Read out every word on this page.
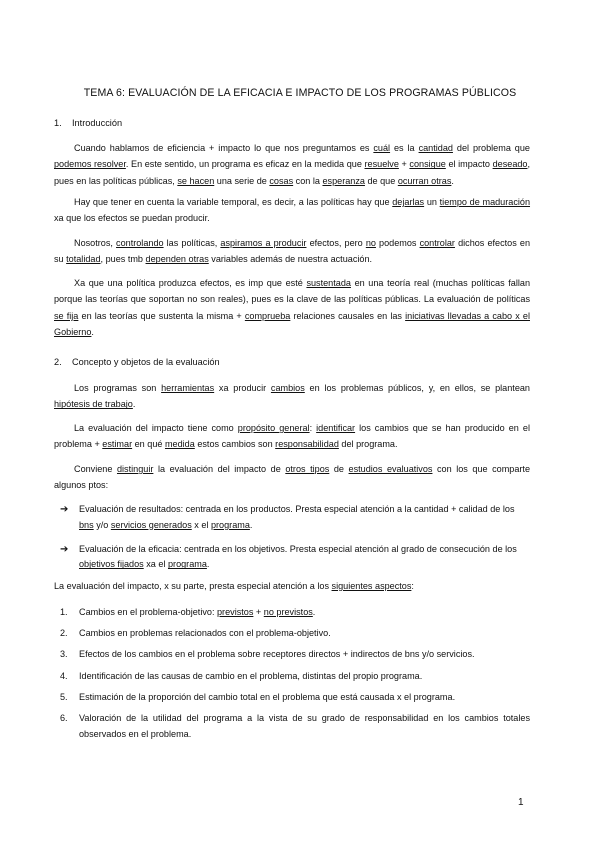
TEMA 6: EVALUACIÓN DE LA EFICACIA E IMPACTO DE LOS PROGRAMAS PÚBLICOS
1. Introducción
Cuando hablamos de eficiencia + impacto lo que nos preguntamos es cuál es la cantidad del problema que podemos resolver. En este sentido, un programa es eficaz en la medida que resuelve + consigue el impacto deseado, pues en las políticas públicas, se hacen una serie de cosas con la esperanza de que ocurran otras.
Hay que tener en cuenta la variable temporal, es decir, a las políticas hay que dejarlas un tiempo de maduración xa que los efectos se puedan producir.
Nosotros, controlando las políticas, aspiramos a producir efectos, pero no podemos controlar dichos efectos en su totalidad, pues tmb dependen otras variables además de nuestra actuación.
Xa que una política produzca efectos, es imp que esté sustentada en una teoría real (muchas políticas fallan porque las teorías que soportan no son reales), pues es la clave de las políticas públicas. La evaluación de políticas se fija en las teorías que sustenta la misma + comprueba relaciones causales en las iniciativas llevadas a cabo x el Gobierno.
2. Concepto y objetos de la evaluación
Los programas son herramientas xa producir cambios en los problemas públicos, y, en ellos, se plantean hipótesis de trabajo.
La evaluación del impacto tiene como propósito general: identificar los cambios que se han producido en el problema + estimar en qué medida estos cambios son responsabilidad del programa.
Conviene distinguir la evaluación del impacto de otros tipos de estudios evaluativos con los que comparte algunos ptos:
➔ Evaluación de resultados: centrada en los productos. Presta especial atención a la cantidad + calidad de los bns y/o servicios generados x el programa.
➔ Evaluación de la eficacia: centrada en los objetivos. Presta especial atención al grado de consecución de los objetivos fijados xa el programa.
La evaluación del impacto, x su parte, presta especial atención a los siguientes aspectos:
1. Cambios en el problema-objetivo: previstos + no previstos.
2. Cambios en problemas relacionados con el problema-objetivo.
3. Efectos de los cambios en el problema sobre receptores directos + indirectos de bns y/o servicios.
4. Identificación de las causas de cambio en el problema, distintas del propio programa.
5. Estimación de la proporción del cambio total en el problema que está causada x el programa.
6. Valoración de la utilidad del programa a la vista de su grado de responsabilidad en los cambios totales observados en el problema.
1
